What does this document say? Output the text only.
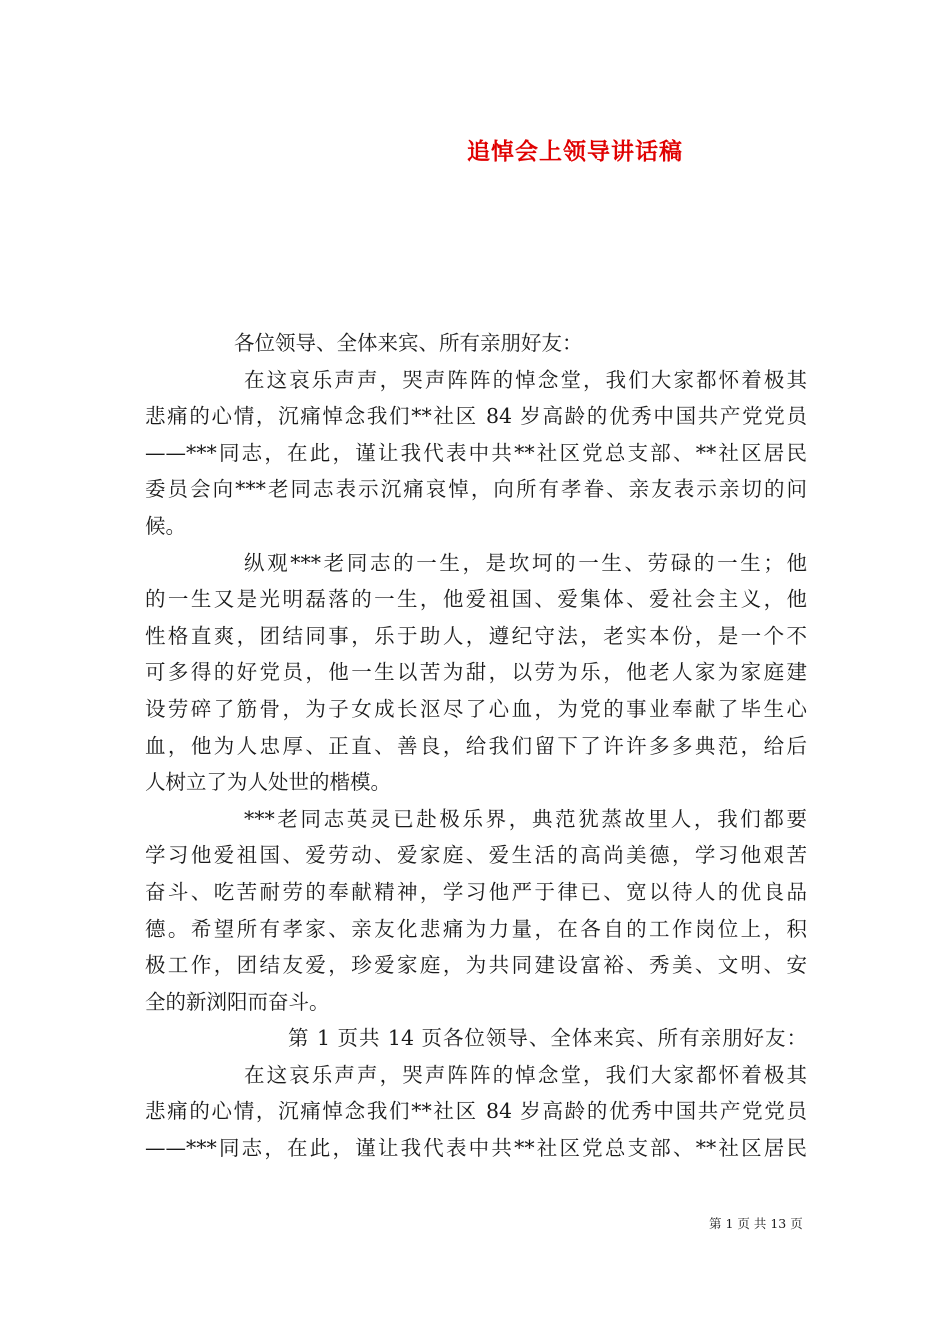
追悼会上领导讲话稿
各位领导、全体来宾、所有亲朋好友：
在这哀乐声声，哭声阵阵的悼念堂，我们大家都怀着极其
悲痛的心情，沉痛悼念我们**社区 84 岁高龄的优秀中国共产党党员
——***同志，在此，谨让我代表中共**社区党总支部、**社区居民
委员会向***老同志表示沉痛哀悼，向所有孝眷、亲友表示亲切的问
候。
纵观***老同志的一生，是坎坷的一生、劳碌的一生；他
的一生又是光明磊落的一生，他爱祖国、爱集体、爱社会主义，他
性格直爽，团结同事，乐于助人，遵纪守法，老实本份，是一个不
可多得的好党员，他一生以苦为甜，以劳为乐，他老人家为家庭建
设劳碎了筋骨，为子女成长沤尽了心血，为党的事业奉献了毕生心
血，他为人忠厚、正直、善良，给我们留下了许许多多典范，给后
人树立了为人处世的楷模。
***老同志英灵已赴极乐界，典范犹蒸故里人，我们都要
学习他爱祖国、爱劳动、爱家庭、爱生活的高尚美德，学习他艰苦
奋斗、吃苦耐劳的奉献精神，学习他严于律已、宽以待人的优良品
德。希望所有孝家、亲友化悲痛为力量，在各自的工作岗位上，积
极工作，团结友爱，珍爱家庭，为共同建设富裕、秀美、文明、安
全的新浏阳而奋斗。
第 1 页共 14 页各位领导、全体来宾、所有亲朋好友：
在这哀乐声声，哭声阵阵的悼念堂，我们大家都怀着极其
悲痛的心情，沉痛悼念我们**社区 84 岁高龄的优秀中国共产党党员
——***同志，在此，谨让我代表中共**社区党总支部、**社区居民
第 1 页 共 13 页
